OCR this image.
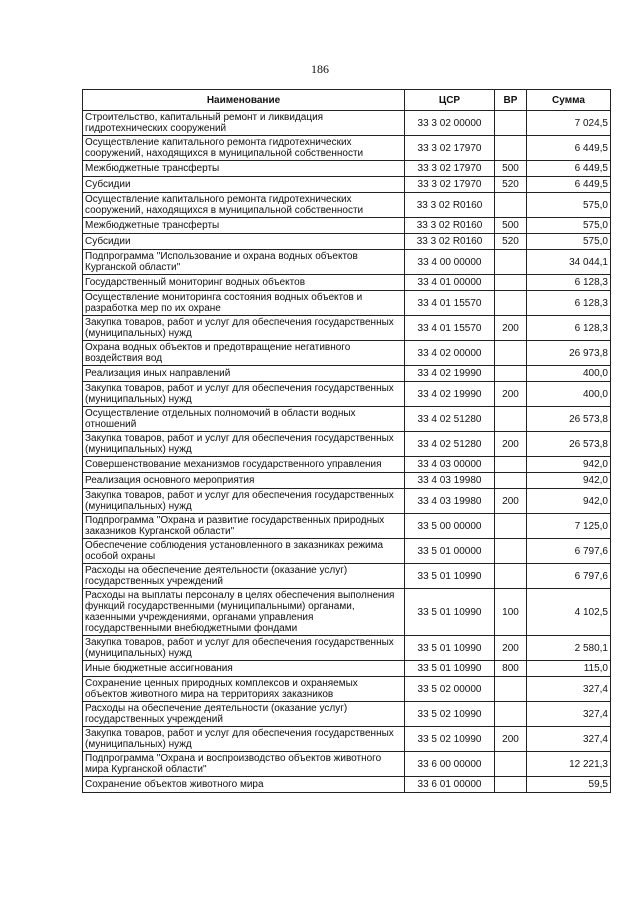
186
Наименование	ЦСР	ВР	Сумма
Строительство, капитальный ремонт и ликвидация гидротехнических сооружений	33 3 02 00000		7 024,5
Осуществление капитального ремонта гидротехнических сооружений, находящихся в муниципальной собственности	33 3 02 17970		6 449,5
Межбюджетные трансферты	33 3 02 17970	500	6 449,5
Субсидии	33 3 02 17970	520	6 449,5
Осуществление капитального ремонта гидротехнических сооружений, находящихся в муниципальной собственности	33 3 02 R0160		575,0
Межбюджетные трансферты	33 3 02 R0160	500	575,0
Субсидии	33 3 02 R0160	520	575,0
Подпрограмма "Использование и охрана водных объектов Курганской области"	33 4 00 00000		34 044,1
Государственный мониторинг водных объектов	33 4 01 00000		6 128,3
Осуществление мониторинга состояния водных объектов и разработка мер по их охране	33 4 01 15570		6 128,3
Закупка товаров, работ и услуг для обеспечения государственных (муниципальных) нужд	33 4 01 15570	200	6 128,3
Охрана водных объектов и предотвращение негативного воздействия вод	33 4 02 00000		26 973,8
Реализация иных направлений	33 4 02 19990		400,0
Закупка товаров, работ и услуг для обеспечения государственных (муниципальных) нужд	33 4 02 19990	200	400,0
Осуществление отдельных полномочий в области водных отношений	33 4 02 51280		26 573,8
Закупка товаров, работ и услуг для обеспечения государственных (муниципальных) нужд	33 4 02 51280	200	26 573,8
Совершенствование механизмов государственного управления	33 4 03 00000		942,0
Реализация основного мероприятия	33 4 03 19980		942,0
Закупка товаров, работ и услуг для обеспечения государственных (муниципальных) нужд	33 4 03 19980	200	942,0
Подпрограмма "Охрана и развитие государственных природных заказников Курганской области"	33 5 00 00000		7 125,0
Обеспечение соблюдения установленного в заказниках режима особой охраны	33 5 01 00000		6 797,6
Расходы на обеспечение деятельности (оказание услуг) государственных учреждений	33 5 01 10990		6 797,6
Расходы на выплаты персоналу в целях обеспечения выполнения функций государственными (муниципальными) органами, казенными учреждениями, органами управления государственными внебюджетными фондами	33 5 01 10990	100	4 102,5
Закупка товаров, работ и услуг для обеспечения государственных (муниципальных) нужд	33 5 01 10990	200	2 580,1
Иные бюджетные ассигнования	33 5 01 10990	800	115,0
Сохранение ценных природных комплексов и охраняемых объектов животного мира на территориях заказников	33 5 02 00000		327,4
Расходы на обеспечение деятельности (оказание услуг) государственных учреждений	33 5 02 10990		327,4
Закупка товаров, работ и услуг для обеспечения государственных (муниципальных) нужд	33 5 02 10990	200	327,4
Подпрограмма "Охрана и воспроизводство объектов животного мира Курганской области"	33 6 00 00000		12 221,3
Сохранение объектов животного мира	33 6 01 00000		59,5
